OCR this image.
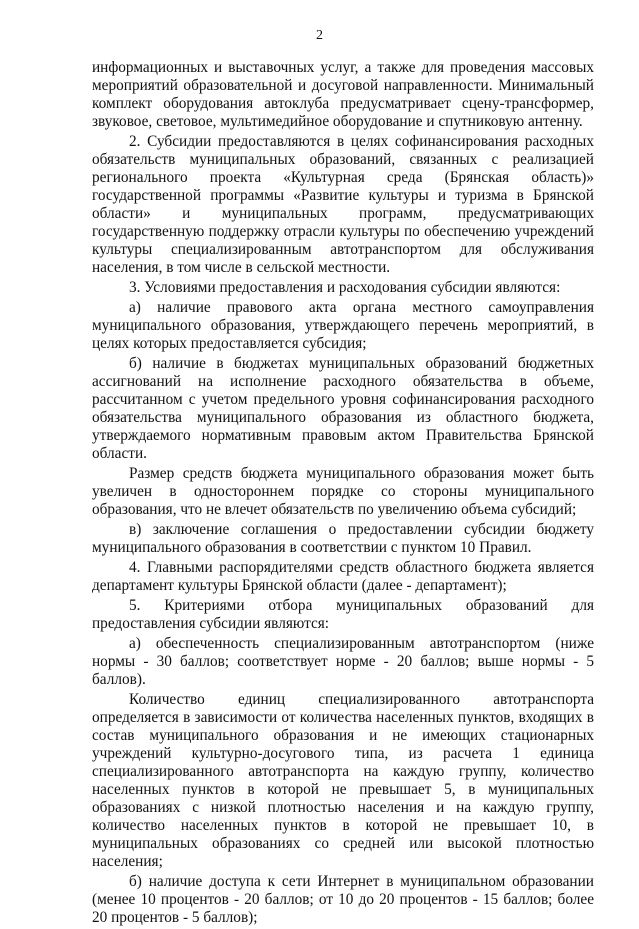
2

информационных и выставочных услуг, а также для проведения массовых мероприятий образовательной и досуговой направленности. Минимальный комплект оборудования автоклуба предусматривает сцену-трансформер, звуковое, световое, мультимедийное оборудование и спутниковую антенну.

2. Субсидии предоставляются в целях софинансирования расходных обязательств муниципальных образований, связанных с реализацией регионального проекта «Культурная среда (Брянская область)» государственной программы «Развитие культуры и туризма в Брянской области» и муниципальных программ, предусматривающих государственную поддержку отрасли культуры по обеспечению учреждений культуры специализированным автотранспортом для обслуживания населения, в том числе в сельской местности.

3. Условиями предоставления и расходования субсидии являются:

а) наличие правового акта органа местного самоуправления муниципального образования, утверждающего перечень мероприятий, в целях которых предоставляется субсидия;

б) наличие в бюджетах муниципальных образований бюджетных ассигнований на исполнение расходного обязательства в объеме, рассчитанном с учетом предельного уровня софинансирования расходного обязательства муниципального образования из областного бюджета, утверждаемого нормативным правовым актом Правительства Брянской области.

Размер средств бюджета муниципального образования может быть увеличен в одностороннем порядке со стороны муниципального образования, что не влечет обязательств по увеличению объема субсидий;

в) заключение соглашения о предоставлении субсидии бюджету муниципального образования в соответствии с пунктом 10 Правил.

4. Главными распорядителями средств областного бюджета является департамент культуры Брянской области (далее - департамент);

5. Критериями отбора муниципальных образований для предоставления субсидии являются:

а) обеспеченность специализированным автотранспортом (ниже нормы - 30 баллов; соответствует норме - 20 баллов; выше нормы - 5 баллов).

Количество единиц специализированного автотранспорта определяется в зависимости от количества населенных пунктов, входящих в состав муниципального образования и не имеющих стационарных учреждений культурно-досугового типа, из расчета 1 единица специализированного автотранспорта на каждую группу, количество населенных пунктов в которой не превышает 5, в муниципальных образованиях с низкой плотностью населения и на каждую группу, количество населенных пунктов в которой не превышает 10, в муниципальных образованиях со средней или высокой плотностью населения;

б) наличие доступа к сети Интернет в муниципальном образовании (менее 10 процентов - 20 баллов; от 10 до 20 процентов - 15 баллов; более 20 процентов - 5 баллов);
